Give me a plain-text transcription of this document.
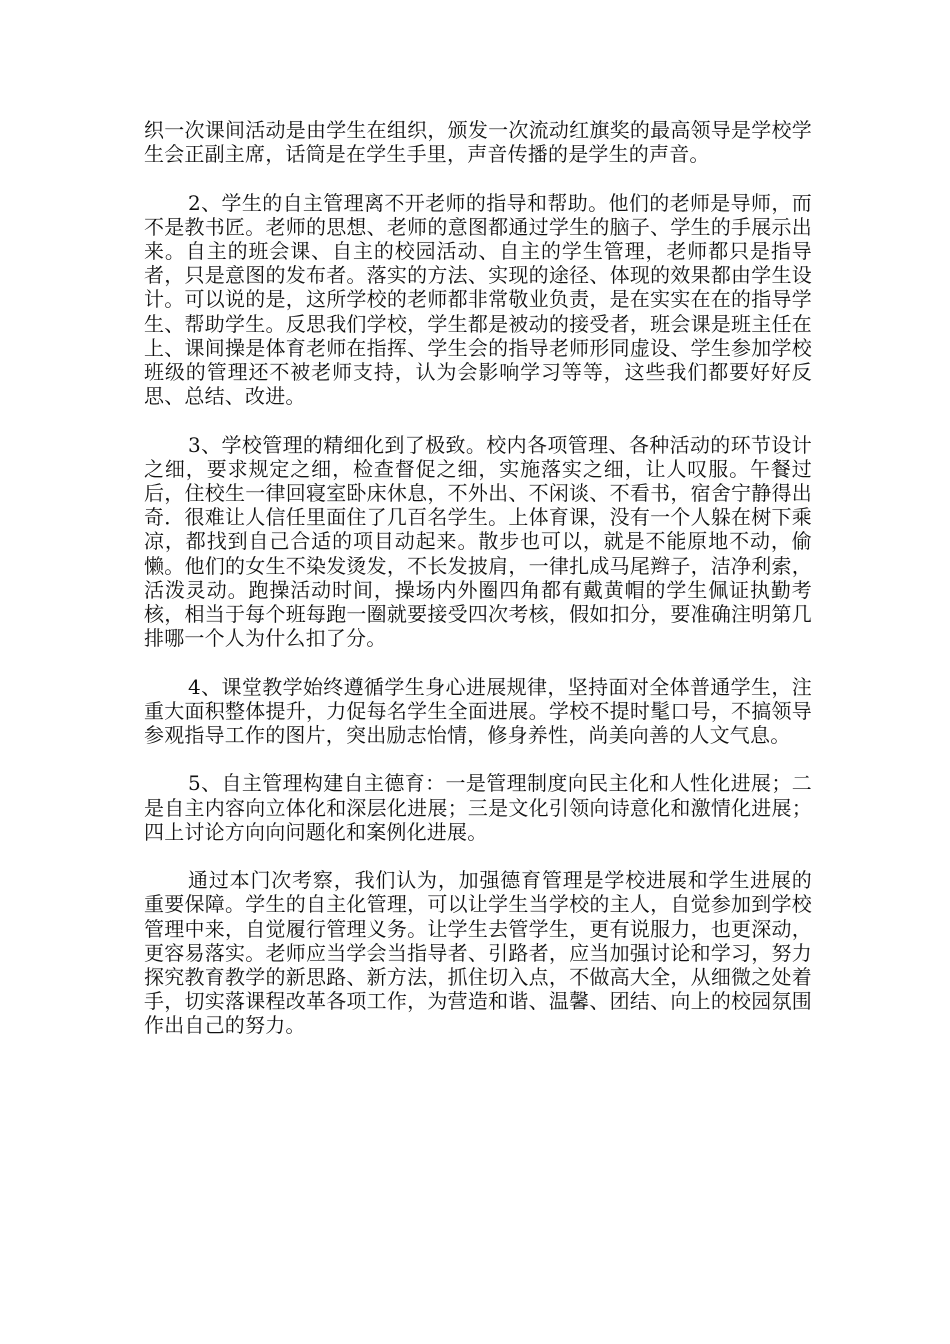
织一次课间活动是由学生在组织，颁发一次流动红旗奖的最高领导是学校学生会正副主席，话筒是在学生手里，声音传播的是学生的声音。

2、学生的自主管理离不开老师的指导和帮助。他们的老师是导师，而不是教书匠。老师的思想、老师的意图都通过学生的脑子、学生的手展示出来。自主的班会课、自主的校园活动、自主的学生管理，老师都只是指导者，只是意图的发布者。落实的方法、实现的途径、体现的效果都由学生设计。可以说的是，这所学校的老师都非常敬业负责，是在实实在在的指导学生、帮助学生。反思我们学校，学生都是被动的接受者，班会课是班主任在上、课间操是体育老师在指挥、学生会的指导老师形同虚设、学生参加学校班级的管理还不被老师支持，认为会影响学习等等，这些我们都要好好反思、总结、改进。

3、学校管理的精细化到了极致。校内各项管理、各种活动的环节设计之细，要求规定之细，检查督促之细，实施落实之细，让人叹服。午餐过后，住校生一律回寝室卧床休息，不外出、不闲谈、不看书，宿舍宁静得出奇．很难让人信任里面住了几百名学生。上体育课，没有一个人躲在树下乘凉，都找到自己合适的项目动起来。散步也可以，就是不能原地不动，偷懒。他们的女生不染发烫发，不长发披肩，一律扎成马尾辫子，洁净利索，活泼灵动。跑操活动时间，操场内外圈四角都有戴黄帽的学生佩证执勤考核，相当于每个班每跑一圈就要接受四次考核，假如扣分，要准确注明第几排哪一个人为什么扣了分。

4、课堂教学始终遵循学生身心进展规律，坚持面对全体普通学生，注重大面积整体提升，力促每名学生全面进展。学校不提时髦口号，不搞领导参观指导工作的图片，突出励志怡情，修身养性，尚美向善的人文气息。

5、自主管理构建自主德育：一是管理制度向民主化和人性化进展；二是自主内容向立体化和深层化进展；三是文化引领向诗意化和激情化进展；四上讨论方向向问题化和案例化进展。

通过本门次考察，我们认为，加强德育管理是学校进展和学生进展的重要保障。学生的自主化管理，可以让学生当学校的主人，自觉参加到学校管理中来，自觉履行管理义务。让学生去管学生，更有说服力，也更深动，更容易落实。老师应当学会当指导者、引路者，应当加强讨论和学习，努力探究教育教学的新思路、新方法，抓住切入点，不做高大全，从细微之处着手，切实落课程改革各项工作，为营造和谐、温馨、团结、向上的校园氛围作出自己的努力。
